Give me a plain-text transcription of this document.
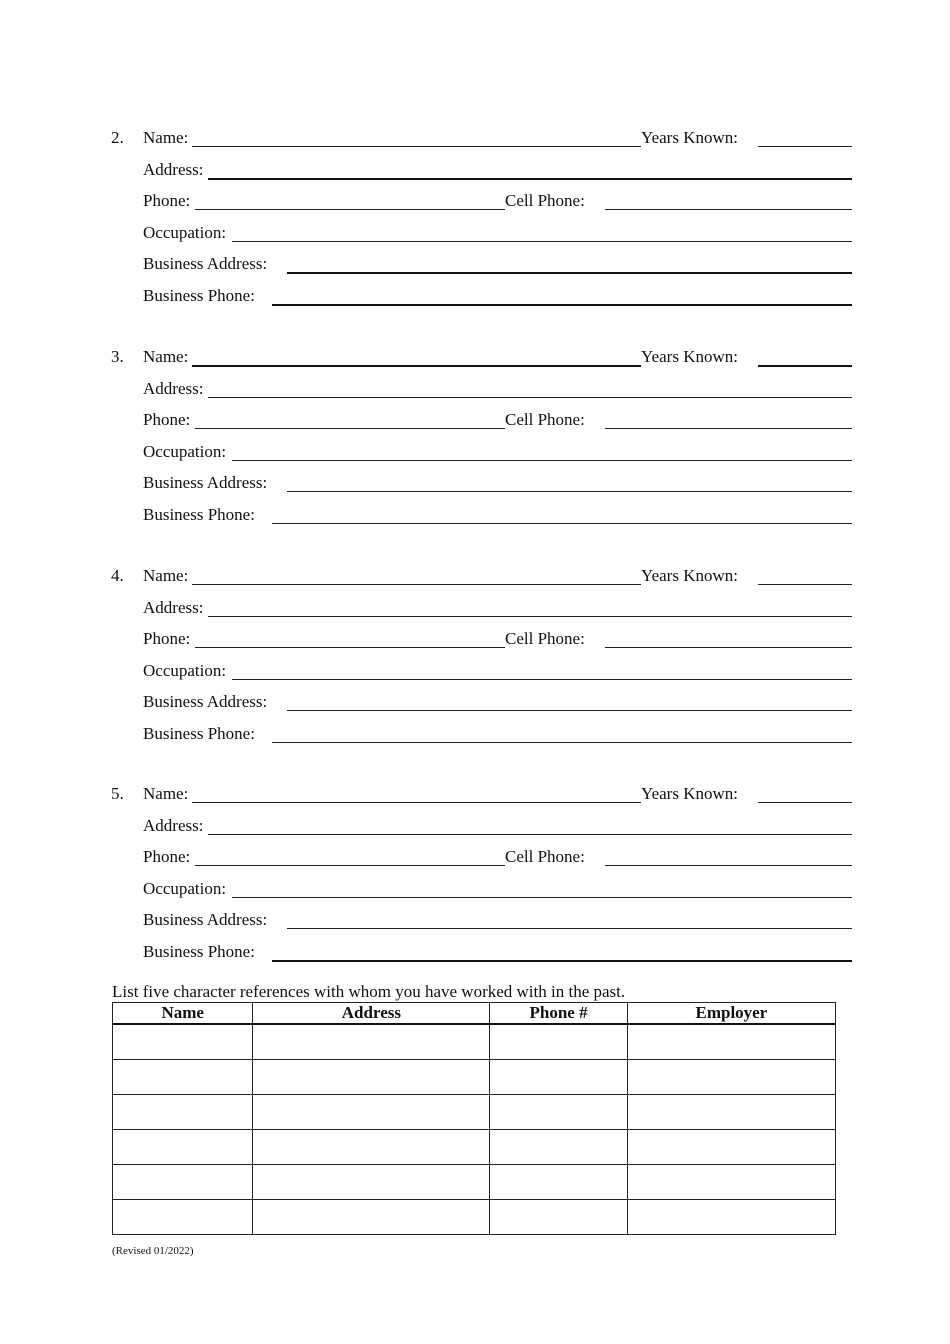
2. Name:	Years Known:
Address:
Phone:	Cell Phone:
Occupation:
Business Address:
Business Phone:
3. Name:	Years Known:
Address:
Phone:	Cell Phone:
Occupation:
Business Address:
Business Phone:
4. Name:	Years Known:
Address:
Phone:	Cell Phone:
Occupation:
Business Address:
Business Phone:
5. Name:	Years Known:
Address:
Phone:	Cell Phone:
Occupation:
Business Address:
Business Phone:
List five character references with whom you have worked with in the past.
Name	Address	Phone #	Employer

(Revised 01/2022)
